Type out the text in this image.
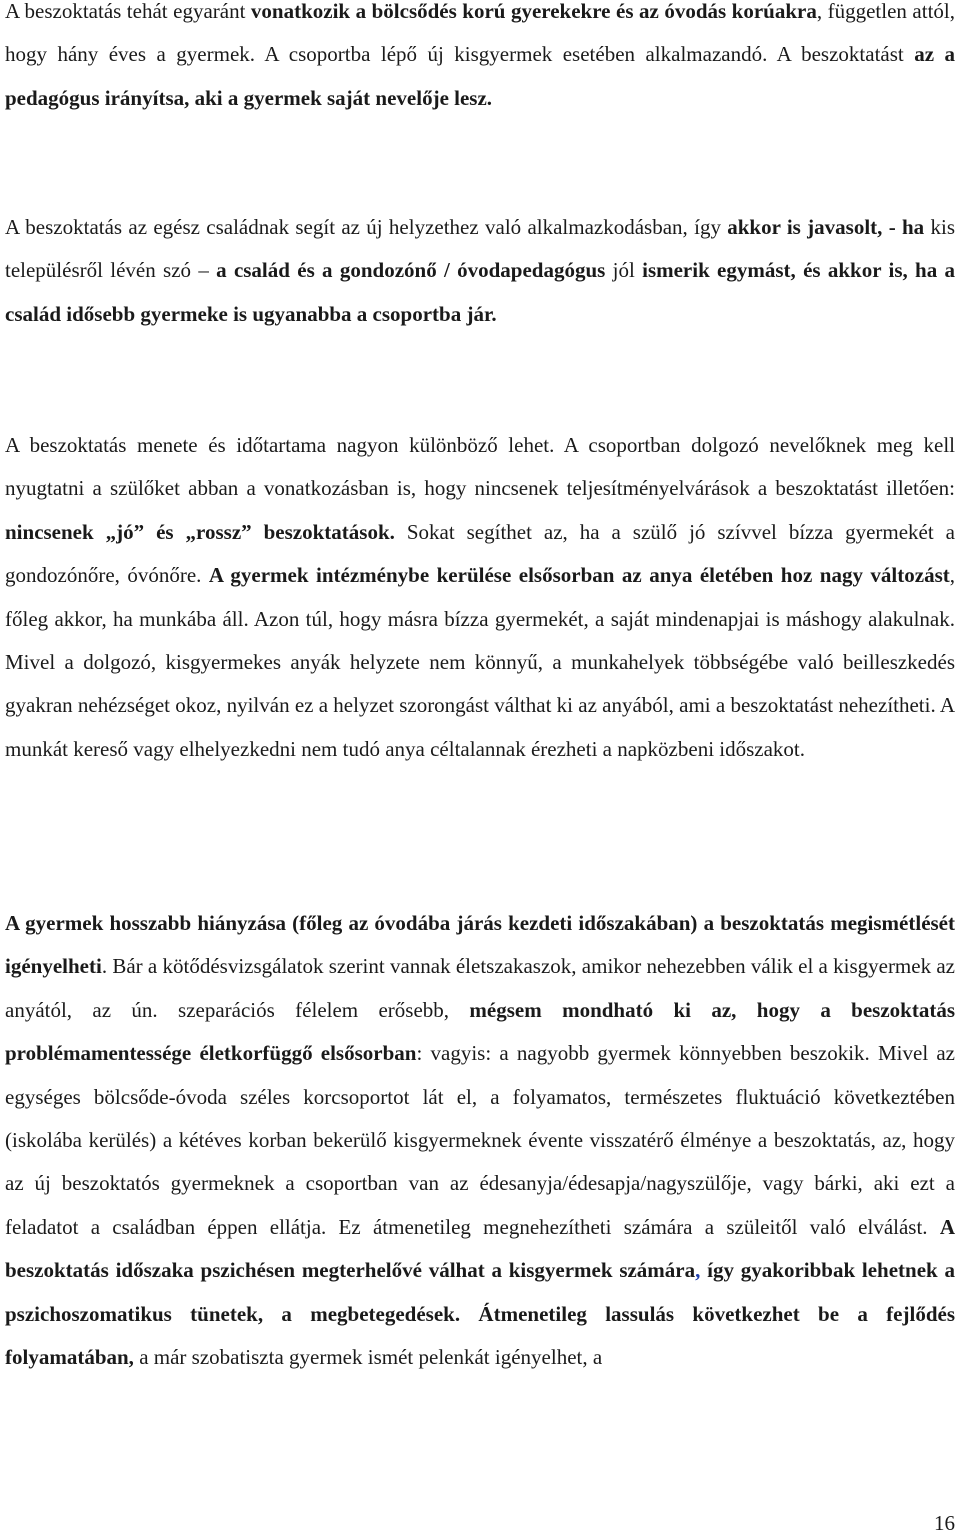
A beszoktatás tehát egyaránt vonatkozik a bölcsődés korú gyerekekre és az óvodás korúakra, független attól, hogy hány éves a gyermek. A csoportba lépő új kisgyermek esetében alkalmazandó. A beszoktatást az a pedagógus irányítsa, aki a gyermek saját nevelője lesz.

A beszoktatás az egész családnak segít az új helyzethez való alkalmazkodásban, így akkor is javasolt, - ha kis településről lévén szó – a család és a gondozónő / óvodapedagógus jól ismerik egymást, és akkor is, ha a család idősebb gyermeke is ugyanabba a csoportba jár.

A beszoktatás menete és időtartama nagyon különböző lehet. A csoportban dolgozó nevelőknek meg kell nyugtatni a szülőket abban a vonatkozásban is, hogy nincsenek teljesítményelvárások a beszoktatást illetően: nincsenek „jó” és „rossz” beszoktatások. Sokat segíthet az, ha a szülő jó szívvel bízza gyermekét a gondozónőre, óvónőre. A gyermek intézménybe kerülése elsősorban az anya életében hoz nagy változást, főleg akkor, ha munkába áll. Azon túl, hogy másra bízza gyermekét, a saját mindenapjai is máshogy alakulnak. Mivel a dolgozó, kisgyermekes anyák helyzete nem könnyű, a munkahelyek többségébe való beilleszkedés gyakran nehézséget okoz, nyilván ez a helyzet szorongást válthat ki az anyából, ami a beszoktatást nehezítheti. A munkát kereső vagy elhelyezkedni nem tudó anya céltalannak érezheti a napközbeni időszakot.

A gyermek hosszabb hiányzása (főleg az óvodába járás kezdeti időszakában) a beszoktatás megismétlését igényelheti. Bár a kötődésvizsgálatok szerint vannak életszakaszok, amikor nehezebben válik el a kisgyermek az anyától, az ún. szeparációs félelem erősebb, mégsem mondható ki az, hogy a beszoktatás problémamentessége életkorfüggő elsősorban: vagyis: a nagyobb gyermek könnyebben beszokik. Mivel az egységes bölcsőde-óvoda széles korcsoportot lát el, a folyamatos, természetes fluktuáció következtében (iskolába kerülés) a kétéves korban bekerülő kisgyermeknek évente visszatérő élménye a beszoktatás, az, hogy az új beszoktatós gyermeknek a csoportban van az édesanyja/édesapja/nagyszülője, vagy bárki, aki ezt a feladatot a családban éppen ellátja. Ez átmenetileg megnehezítheti számára a szüleitől való elválást. A beszoktatás időszaka pszichésen megterhelővé válhat a kisgyermek számára, így gyakoribbak lehetnek a pszichoszomatikus tünetek, a megbetegedések. Átmenetileg lassulás következhet be a fejlődés folyamatában, a már szobatiszta gyermek ismét pelenkát igényelhet, a

16
